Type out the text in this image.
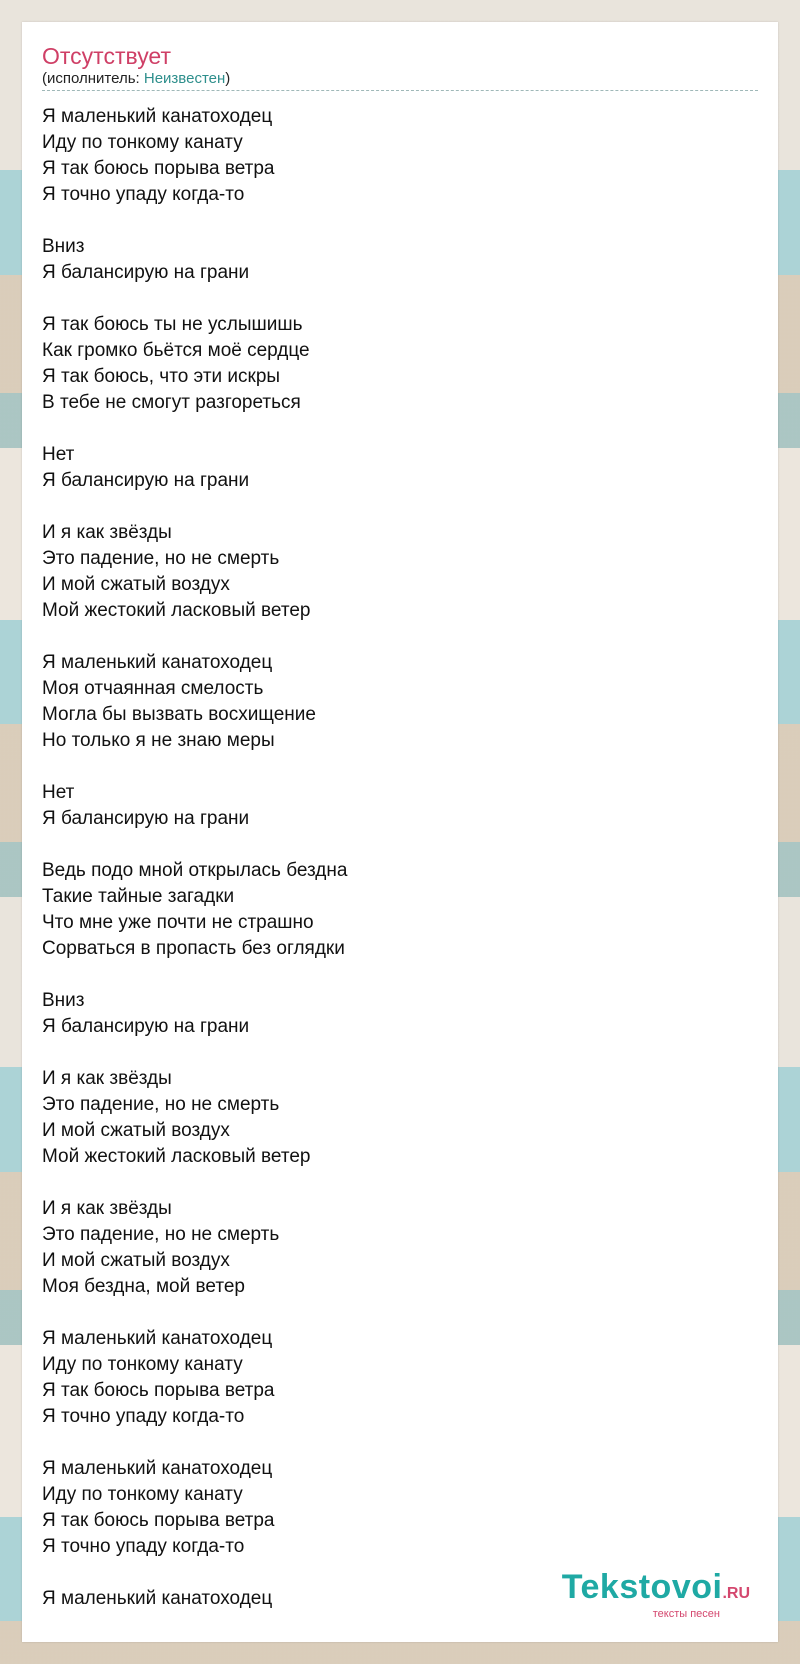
Отсутствует
(исполнитель: Неизвестен)
Я маленький канатоходец
Иду по тонкому канату
Я так боюсь порыва ветра
Я точно упаду когда-то
Вниз
Я балансирую на грани
Я так боюсь ты не услышишь
Как громко бьётся моё сердце
Я так боюсь, что эти искры
В тебе не смогут разгореться
Нет
Я балансирую на грани
И я как звёзды
Это падение, но не смерть
И мой сжатый воздух
Мой жестокий ласковый ветер
Я маленький канатоходец
Моя отчаянная смелость
Могла бы вызвать восхищение
Но только я не знаю меры
Нет
Я балансирую на грани
Ведь подо мной открылась бездна
Такие тайные загадки
Что мне уже почти не страшно
Сорваться в пропасть без оглядки
Вниз
Я балансирую на грани
И я как звёзды
Это падение, но не смерть
И мой сжатый воздух
Мой жестокий ласковый ветер
И я как звёзды
Это падение, но не смерть
И мой сжатый воздух
Моя бездна, мой ветер
Я маленький канатоходец
Иду по тонкому канату
Я так боюсь порыва ветра
Я точно упаду когда-то
Я маленький канатоходец
Иду по тонкому канату
Я так боюсь порыва ветра
Я точно упаду когда-то
Я маленький канатоходец	Tekstovoi.RU
тексты песен
